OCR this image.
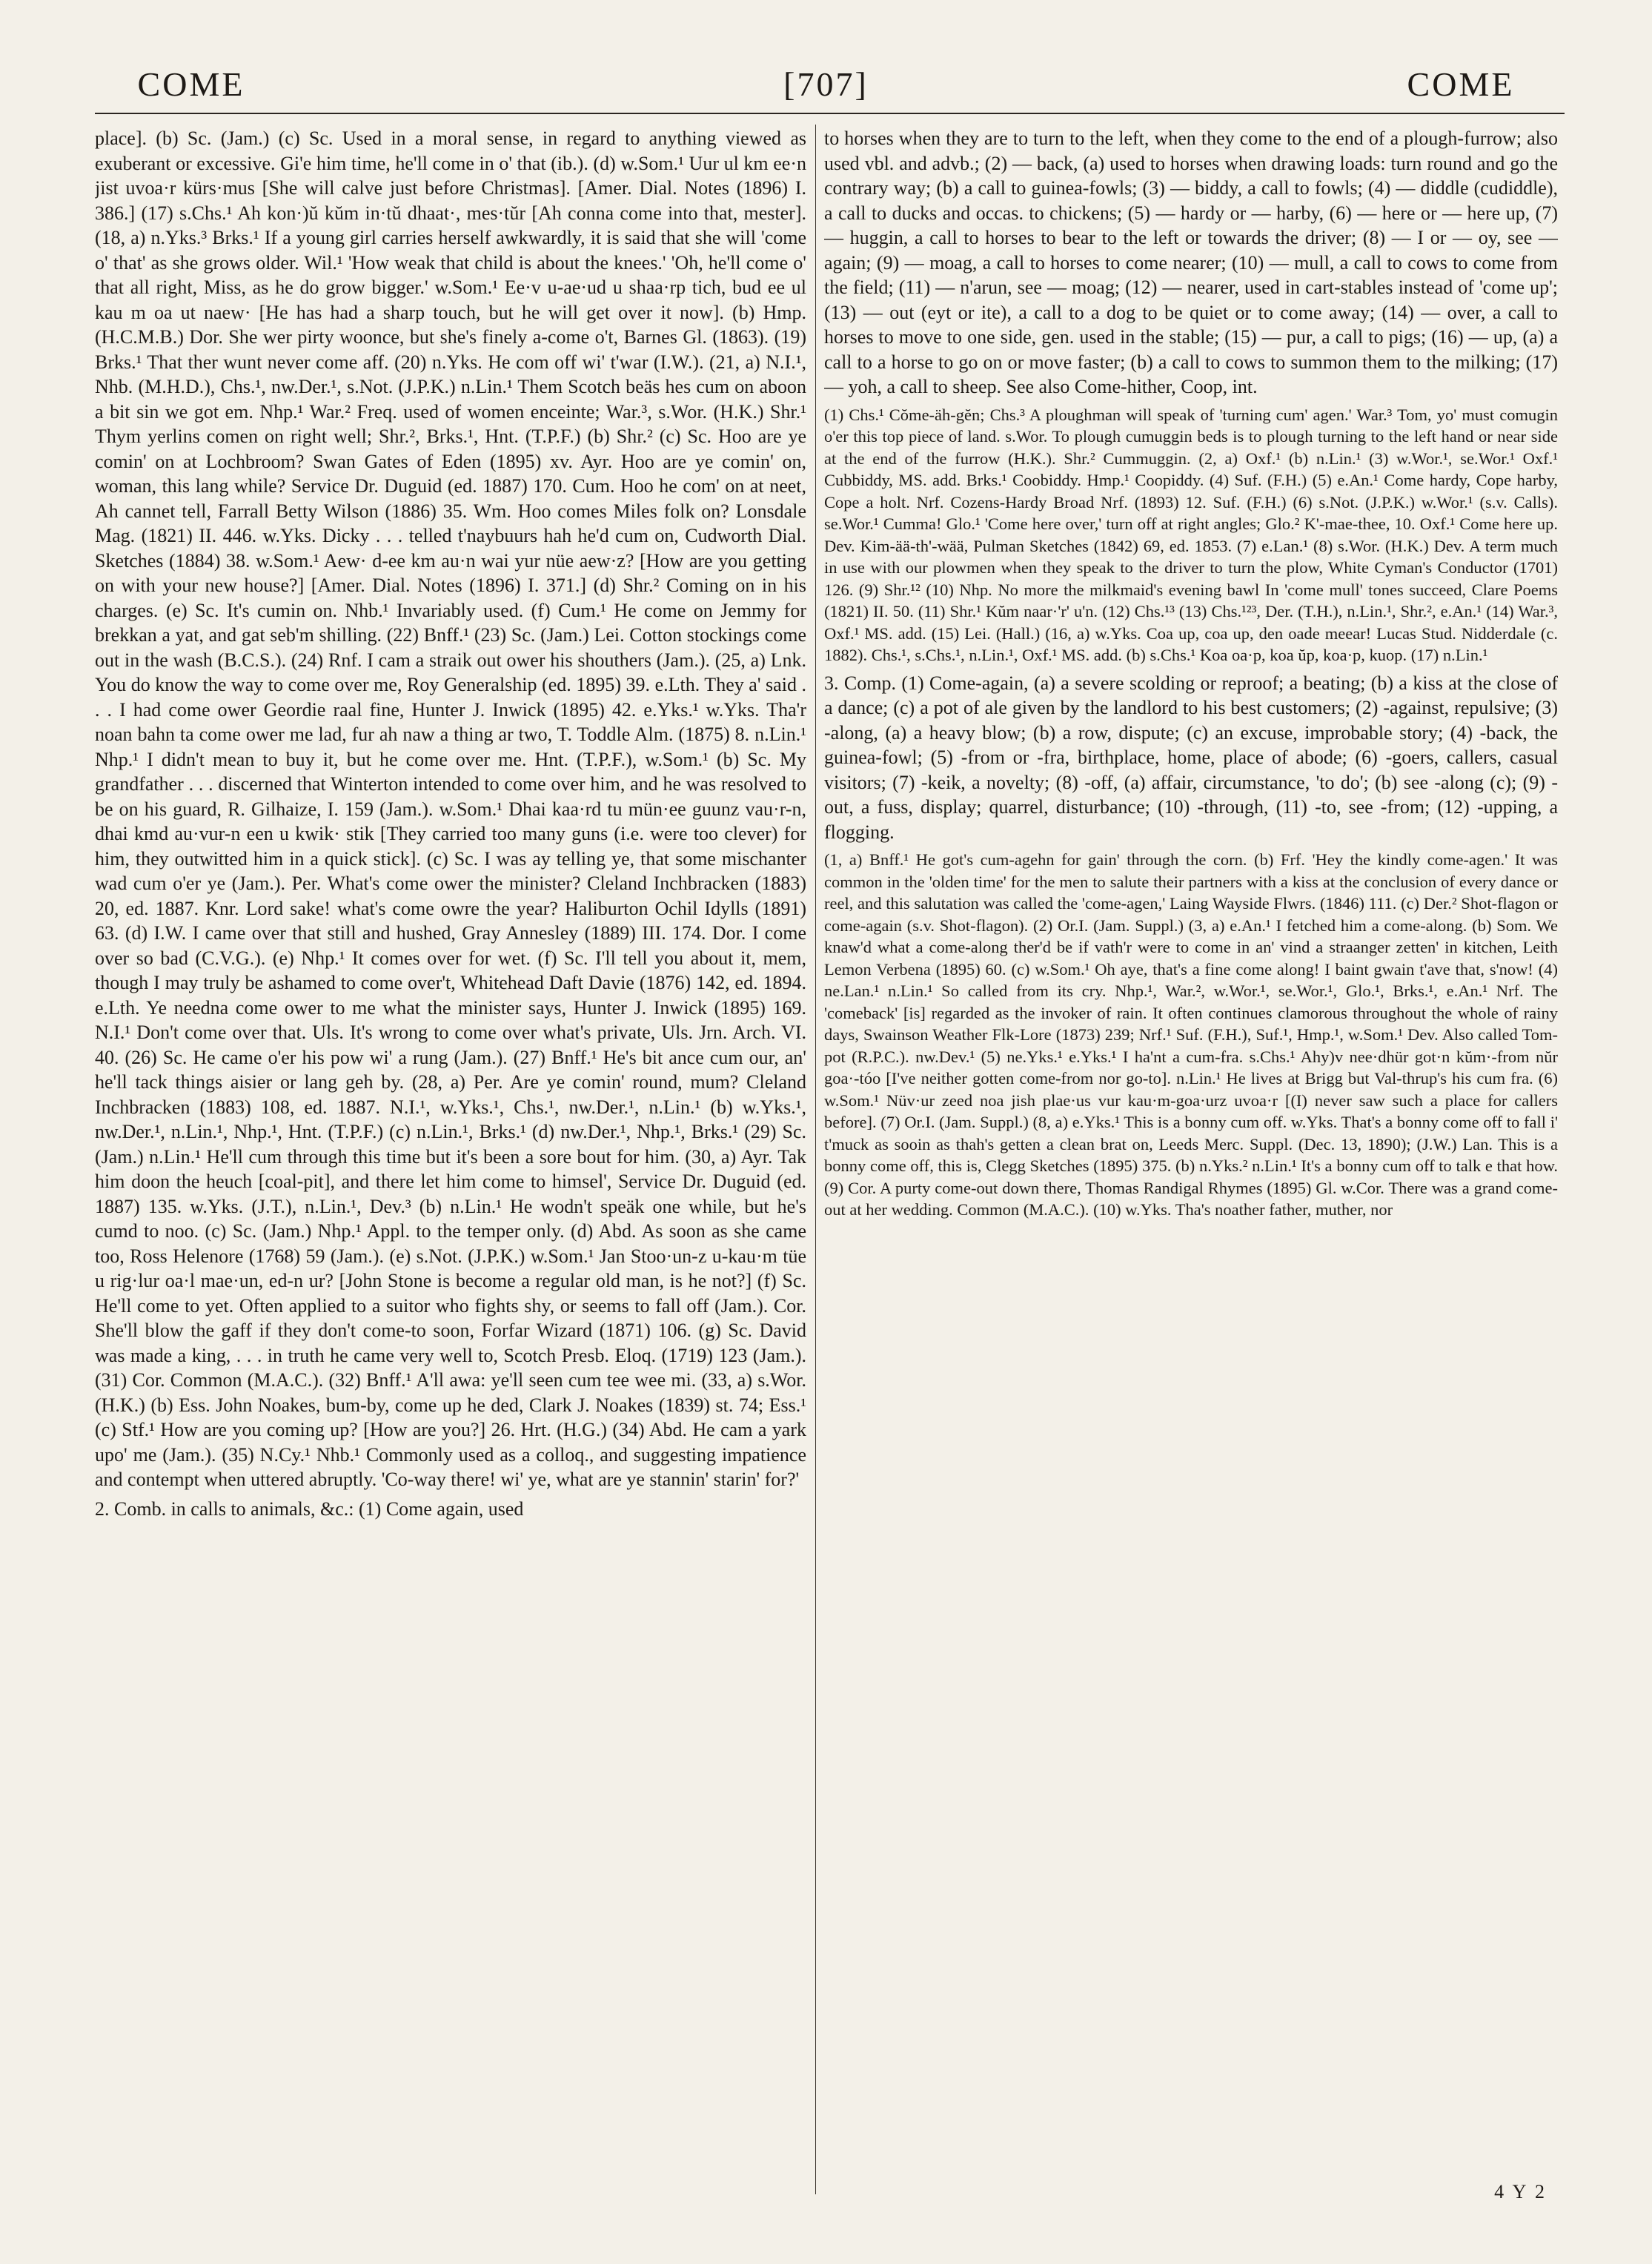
COME	[707]	COME

place]. (b) Sc. (Jam.) (c) Sc. Used in a moral sense, in regard to anything viewed as exuberant or excessive. Gi'e him time, he'll come in o' that (ib.). (d) w.Som.¹ Uur ul km ee·n jist uvoa·r kürs·mus [She will calve just before Christmas]. [Amer. Dial. Notes (1896) I. 386.] (17) s.Chs.¹ Ah kon·)ŭ kŭm in·tŭ dhaat·, mes·tŭr [Ah conna come into that, mester]. (18, a) n.Yks.³ Brks.¹ If a young girl carries herself awkwardly, it is said that she will 'come o' that' as she grows older. Wil.¹ 'How weak that child is about the knees.' 'Oh, he'll come o' that all right, Miss, as he do grow bigger.' w.Som.¹ Ee·v u-ae·ud u shaa·rp tich, bud ee ul kau m oa ut naew· [He has had a sharp touch, but he will get over it now]. (b) Hmp. (H.C.M.B.) Dor. She wer pirty woonce, but she's finely a-come o't, Barnes Gl. (1863). (19) Brks.¹ That ther wunt never come aff. (20) n.Yks. He com off wi' t'war (I.W.). (21, a) N.I.¹, Nhb. (M.H.D.), Chs.¹, nw.Der.¹, s.Not. (J.P.K.) n.Lin.¹ Them Scotch beäs hes cum on aboon a bit sin we got em. Nhp.¹ War.² Freq. used of women enceinte; War.³, s.Wor. (H.K.) Shr.¹ Thym yerlins comen on right well; Shr.², Brks.¹, Hnt. (T.P.F.) (b) Shr.² (c) Sc. Hoo are ye comin' on at Lochbroom? Swan Gates of Eden (1895) xv. Ayr. Hoo are ye comin' on, woman, this lang while? Service Dr. Duguid (ed. 1887) 170. Cum. Hoo he com' on at neet, Ah cannet tell, Farrall Betty Wilson (1886) 35. Wm. Hoo comes Miles folk on? Lonsdale Mag. (1821) II. 446. w.Yks. Dicky . . . telled t'naybuurs hah he'd cum on, Cudworth Dial. Sketches (1884) 38. w.Som.¹ Aew· d-ee km au·n wai yur nüe aew·z? [How are you getting on with your new house?] [Amer. Dial. Notes (1896) I. 371.] (d) Shr.² Coming on in his charges. (e) Sc. It's cumin on. Nhb.¹ Invariably used. (f) Cum.¹ He come on Jemmy for brekkan a yat, and gat seb'm shilling. (22) Bnff.¹ (23) Sc. (Jam.) Lei. Cotton stockings come out in the wash (B.C.S.). (24) Rnf. I cam a straik out ower his shouthers (Jam.). (25, a) Lnk. You do know the way to come over me, Roy Generalship (ed. 1895) 39. e.Lth. They a' said . . . I had come ower Geordie raal fine, Hunter J. Inwick (1895) 42. e.Yks.¹ w.Yks. Tha'r noan bahn ta come ower me lad, fur ah naw a thing ar two, T. Toddle Alm. (1875) 8. n.Lin.¹ Nhp.¹ I didn't mean to buy it, but he come over me. Hnt. (T.P.F.), w.Som.¹ (b) Sc. My grandfather . . . discerned that Winterton intended to come over him, and he was resolved to be on his guard, R. Gilhaize, I. 159 (Jam.). w.Som.¹ Dhai kaa·rd tu mün·ee guunz vau·r-n, dhai kmd au·vur-n een u kwik· stik [They carried too many guns (i.e. were too clever) for him, they outwitted him in a quick stick]. (c) Sc. I was ay telling ye, that some mischanter wad cum o'er ye (Jam.). Per. What's come ower the minister? Cleland Inchbracken (1883) 20, ed. 1887. Knr. Lord sake! what's come owre the year? Haliburton Ochil Idylls (1891) 63. (d) I.W. I came over that still and hushed, Gray Annesley (1889) III. 174. Dor. I come over so bad (C.V.G.). (e) Nhp.¹ It comes over for wet. (f) Sc. I'll tell you about it, mem, though I may truly be ashamed to come over't, Whitehead Daft Davie (1876) 142, ed. 1894. e.Lth. Ye needna come ower to me what the minister says, Hunter J. Inwick (1895) 169. N.I.¹ Don't come over that. Uls. It's wrong to come over what's private, Uls. Jrn. Arch. VI. 40. (26) Sc. He came o'er his pow wi' a rung (Jam.). (27) Bnff.¹ He's bit ance cum our, an' he'll tack things aisier or lang geh by. (28, a) Per. Are ye comin' round, mum? Cleland Inchbracken (1883) 108, ed. 1887. N.I.¹, w.Yks.¹, Chs.¹, nw.Der.¹, n.Lin.¹ (b) w.Yks.¹, nw.Der.¹, n.Lin.¹, Nhp.¹, Hnt. (T.P.F.) (c) n.Lin.¹, Brks.¹ (d) nw.Der.¹, Nhp.¹, Brks.¹ (29) Sc. (Jam.) n.Lin.¹ He'll cum through this time but it's been a sore bout for him. (30, a) Ayr. Tak him doon the heuch [coal-pit], and there let him come to himsel', Service Dr. Duguid (ed. 1887) 135. w.Yks. (J.T.), n.Lin.¹, Dev.³ (b) n.Lin.¹ He wodn't speäk one while, but he's cumd to noo. (c) Sc. (Jam.) Nhp.¹ Appl. to the temper only. (d) Abd. As soon as she came too, Ross Helenore (1768) 59 (Jam.). (e) s.Not. (J.P.K.) w.Som.¹ Jan Stoo·un-z u-kau·m tüe u rig·lur oa·l mae·un, ed-n ur? [John Stone is become a regular old man, is he not?] (f) Sc. He'll come to yet. Often applied to a suitor who fights shy, or seems to fall off (Jam.). Cor. She'll blow the gaff if they don't come-to soon, Forfar Wizard (1871) 106. (g) Sc. David was made a king, . . . in truth he came very well to, Scotch Presb. Eloq. (1719) 123 (Jam.). (31) Cor. Common (M.A.C.). (32) Bnff.¹ A'll awa: ye'll seen cum tee wee mi. (33, a) s.Wor. (H.K.) (b) Ess. John Noakes, bum-by, come up he ded, Clark J. Noakes (1839) st. 74; Ess.¹ (c) Stf.¹ How are you coming up? [How are you?] 26. Hrt. (H.G.) (34) Abd. He cam a yark upo' me (Jam.). (35) N.Cy.¹ Nhb.¹ Commonly used as a colloq., and suggesting impatience and contempt when uttered abruptly. 'Co-way there! wi' ye, what are ye stannin' starin' for?'

2. Comb. in calls to animals, &c.: (1) Come again, used

to horses when they are to turn to the left, when they come to the end of a plough-furrow; also used vbl. and advb.; (2) — back, (a) used to horses when drawing loads: turn round and go the contrary way; (b) a call to guinea-fowls; (3) — biddy, a call to fowls; (4) — diddle (cudiddle), a call to ducks and occas. to chickens; (5) — hardy or — harby, (6) — here or — here up, (7) — huggin, a call to horses to bear to the left or towards the driver; (8) — I or — oy, see — again; (9) — moag, a call to horses to come nearer; (10) — mull, a call to cows to come from the field; (11) — n'arun, see — moag; (12) — nearer, used in cart-stables instead of 'come up'; (13) — out (eyt or ite), a call to a dog to be quiet or to come away; (14) — over, a call to horses to move to one side, gen. used in the stable; (15) — pur, a call to pigs; (16) — up, (a) a call to a horse to go on or move faster; (b) a call to cows to summon them to the milking; (17) — yoh, a call to sheep. See also Come-hither, Coop, int.

(1) Chs.¹ Cŏme-äh-gĕn; Chs.³ A ploughman will speak of 'turning cum' agen.' War.³ Tom, yo' must comugin o'er this top piece of land. s.Wor. To plough cumuggin beds is to plough turning to the left hand or near side at the end of the furrow (H.K.). Shr.² Cummuggin. (2, a) Oxf.¹ (b) n.Lin.¹ (3) w.Wor.¹, se.Wor.¹ Oxf.¹ Cubbiddy, MS. add. Brks.¹ Coobiddy. Hmp.¹ Coopiddy. (4) Suf. (F.H.) (5) e.An.¹ Come hardy, Cope harby, Cope a holt. Nrf. Cozens-Hardy Broad Nrf. (1893) 12. Suf. (F.H.) (6) s.Not. (J.P.K.) w.Wor.¹ (s.v. Calls). se.Wor.¹ Cumma! Glo.¹ 'Come here over,' turn off at right angles; Glo.² K'-mae-thee, 10. Oxf.¹ Come here up. Dev. Kim-ää-th'-wää, Pulman Sketches (1842) 69, ed. 1853. (7) e.Lan.¹ (8) s.Wor. (H.K.) Dev. A term much in use with our plowmen when they speak to the driver to turn the plow, White Cyman's Conductor (1701) 126. (9) Shr.¹² (10) Nhp. No more the milkmaid's evening bawl In 'come mull' tones succeed, Clare Poems (1821) II. 50. (11) Shr.¹ Kŭm naar·'r' u'n. (12) Chs.¹³ (13) Chs.¹²³, Der. (T.H.), n.Lin.¹, Shr.², e.An.¹ (14) War.³, Oxf.¹ MS. add. (15) Lei. (Hall.) (16, a) w.Yks. Coa up, coa up, den oade meear! Lucas Stud. Nidderdale (c. 1882). Chs.¹, s.Chs.¹, n.Lin.¹, Oxf.¹ MS. add. (b) s.Chs.¹ Koa oa·p, koa ŭp, koa·p, kuop. (17) n.Lin.¹

3. Comp. (1) Come-again, (a) a severe scolding or reproof; a beating; (b) a kiss at the close of a dance; (c) a pot of ale given by the landlord to his best customers; (2) -against, repulsive; (3) -along, (a) a heavy blow; (b) a row, dispute; (c) an excuse, improbable story; (4) -back, the guinea-fowl; (5) -from or -fra, birthplace, home, place of abode; (6) -goers, callers, casual visitors; (7) -keik, a novelty; (8) -off, (a) affair, circumstance, 'to do'; (b) see -along (c); (9) -out, a fuss, display; quarrel, disturbance; (10) -through, (11) -to, see -from; (12) -upping, a flogging.

(1, a) Bnff.¹ He got's cum-agehn for gain' through the corn. (b) Frf. 'Hey the kindly come-agen.' It was common in the 'olden time' for the men to salute their partners with a kiss at the conclusion of every dance or reel, and this salutation was called the 'come-agen,' Laing Wayside Flwrs. (1846) 111. (c) Der.² Shot-flagon or come-again (s.v. Shot-flagon). (2) Or.I. (Jam. Suppl.) (3, a) e.An.¹ I fetched him a come-along. (b) Som. We knaw'd what a come-along ther'd be if vath'r were to come in an' vind a straanger zetten' in kitchen, Leith Lemon Verbena (1895) 60. (c) w.Som.¹ Oh aye, that's a fine come along! I baint gwain t'ave that, s'now! (4) ne.Lan.¹ n.Lin.¹ So called from its cry. Nhp.¹, War.², w.Wor.¹, se.Wor.¹, Glo.¹, Brks.¹, e.An.¹ Nrf. The 'comeback' [is] regarded as the invoker of rain. It often continues clamorous throughout the whole of rainy days, Swainson Weather Flk-Lore (1873) 239; Nrf.¹ Suf. (F.H.), Suf.¹, Hmp.¹, w.Som.¹ Dev. Also called Tom-pot (R.P.C.). nw.Dev.¹ (5) ne.Yks.¹ e.Yks.¹ I ha'nt a cum-fra. s.Chs.¹ Ahy)v nee·dhür got·n kŭm·-from nŭr goa·-tóo [I've neither gotten come-from nor go-to]. n.Lin.¹ He lives at Brigg but Val-thrup's his cum fra. (6) w.Som.¹ Nüv·ur zeed noa jish plae·us vur kau·m-goa·urz uvoa·r [(I) never saw such a place for callers before]. (7) Or.I. (Jam. Suppl.) (8, a) e.Yks.¹ This is a bonny cum off. w.Yks. That's a bonny come off to fall i' t'muck as sooin as thah's getten a clean brat on, Leeds Merc. Suppl. (Dec. 13, 1890); (J.W.) Lan. This is a bonny come off, this is, Clegg Sketches (1895) 375. (b) n.Yks.² n.Lin.¹ It's a bonny cum off to talk e that how. (9) Cor. A purty come-out down there, Thomas Randigal Rhymes (1895) Gl. w.Cor. There was a grand come-out at her wedding. Common (M.A.C.). (10) w.Yks. Tha's noather father, muther, nor

4 Y 2
